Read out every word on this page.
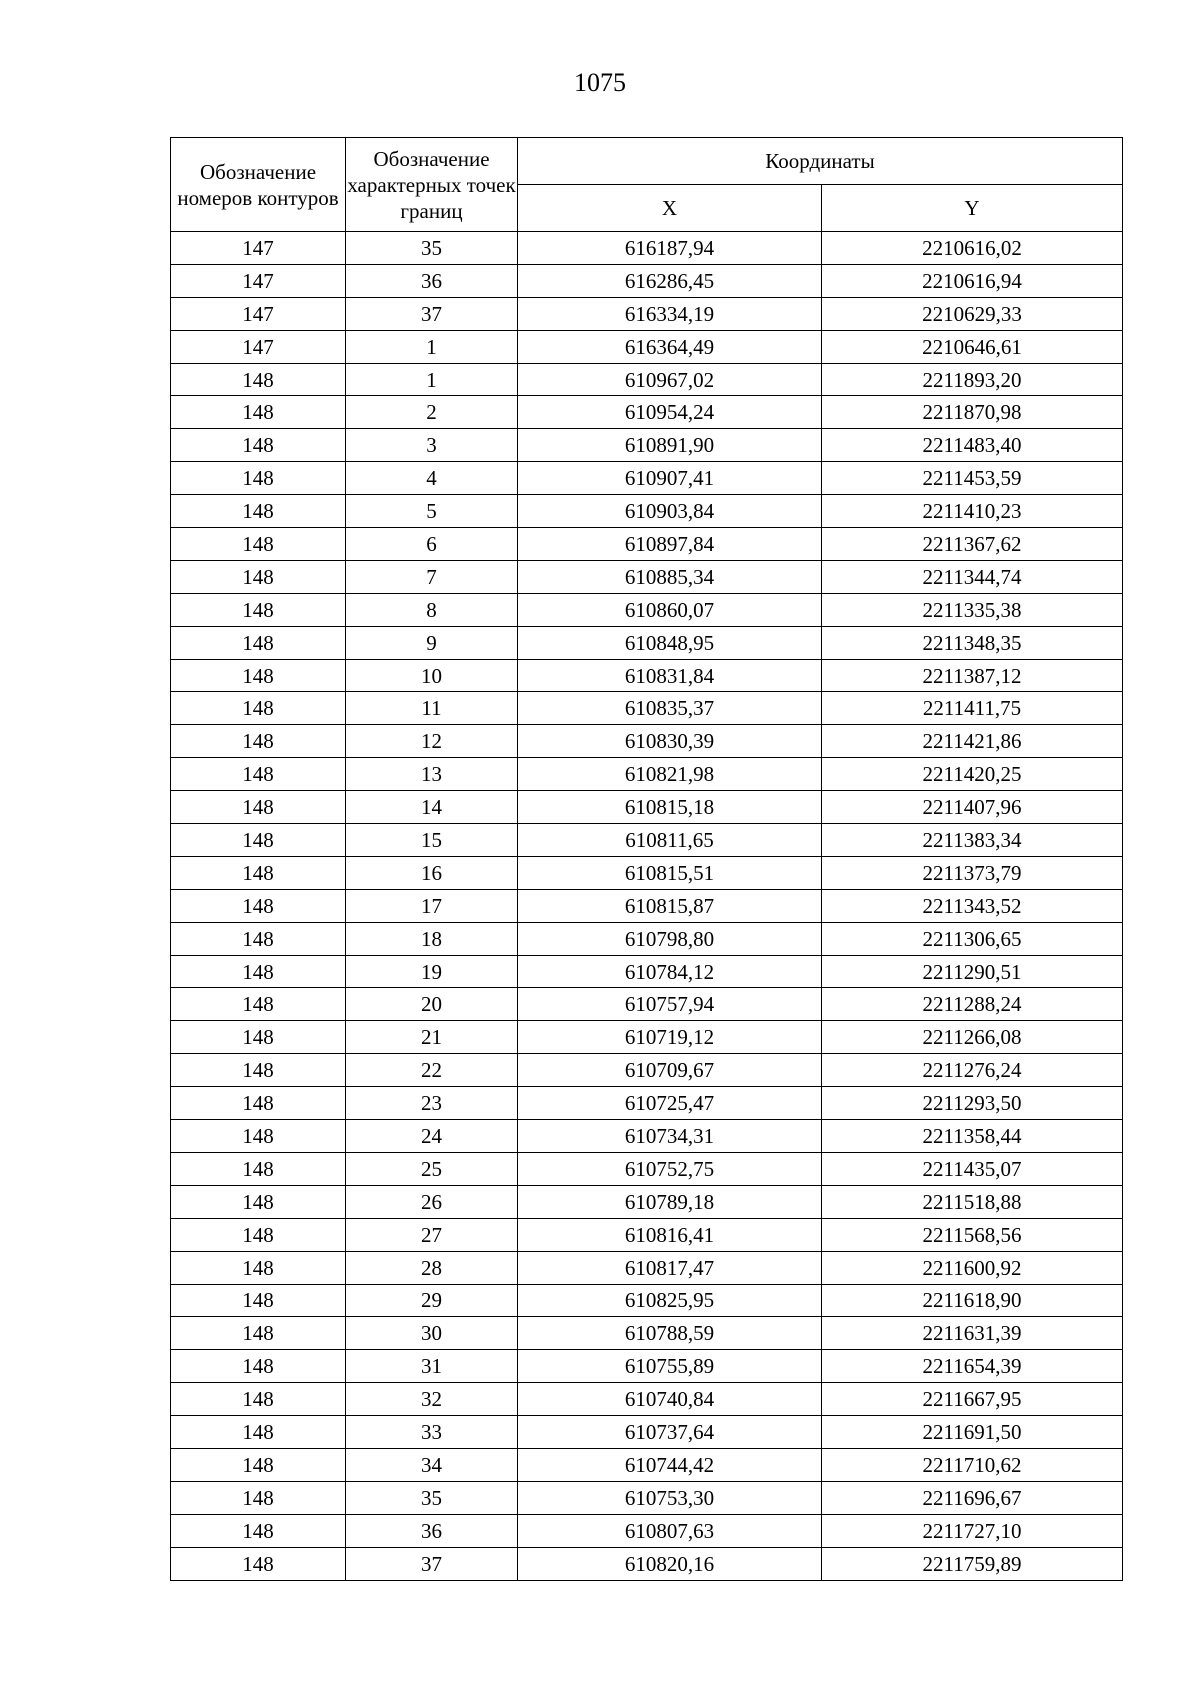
1075
Обозначение номеров контуров	Обозначение характерных точек границ	Координаты	
		X	Y
147	35	616187,94	2210616,02
147	36	616286,45	2210616,94
147	37	616334,19	2210629,33
147	1	616364,49	2210646,61
148	1	610967,02	2211893,20
148	2	610954,24	2211870,98
148	3	610891,90	2211483,40
148	4	610907,41	2211453,59
148	5	610903,84	2211410,23
148	6	610897,84	2211367,62
148	7	610885,34	2211344,74
148	8	610860,07	2211335,38
148	9	610848,95	2211348,35
148	10	610831,84	2211387,12
148	11	610835,37	2211411,75
148	12	610830,39	2211421,86
148	13	610821,98	2211420,25
148	14	610815,18	2211407,96
148	15	610811,65	2211383,34
148	16	610815,51	2211373,79
148	17	610815,87	2211343,52
148	18	610798,80	2211306,65
148	19	610784,12	2211290,51
148	20	610757,94	2211288,24
148	21	610719,12	2211266,08
148	22	610709,67	2211276,24
148	23	610725,47	2211293,50
148	24	610734,31	2211358,44
148	25	610752,75	2211435,07
148	26	610789,18	2211518,88
148	27	610816,41	2211568,56
148	28	610817,47	2211600,92
148	29	610825,95	2211618,90
148	30	610788,59	2211631,39
148	31	610755,89	2211654,39
148	32	610740,84	2211667,95
148	33	610737,64	2211691,50
148	34	610744,42	2211710,62
148	35	610753,30	2211696,67
148	36	610807,63	2211727,10
148	37	610820,16	2211759,89
